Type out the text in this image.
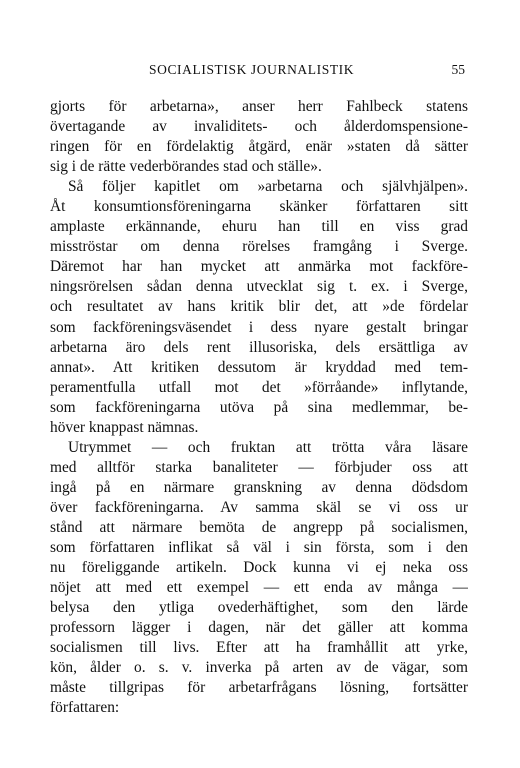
SOCIALISTISK JOURNALISTIK	55
gjorts för arbetarna», anser herr Fahlbeck statens
övertagande av invaliditets- och ålderdomspensione-
ringen för en fördelaktig åtgärd, enär »staten då sätter
sig i de rätte vederbörandes stad och ställe».
Så följer kapitlet om »arbetarna och självhjälpen».
Åt konsumtionsföreningarna skänker författaren sitt
amplaste erkännande, ehuru han till en viss grad
misströstar om denna rörelses framgång i Sverge.
Däremot har han mycket att anmärka mot fackföre-
ningsrörelsen sådan denna utvecklat sig t. ex. i Sverge,
och resultatet av hans kritik blir det, att »de fördelar
som fackföreningsväsendet i dess nyare gestalt bringar
arbetarna äro dels rent illusoriska, dels ersättliga av
annat». Att kritiken dessutom är kryddad med tem-
peramentfulla utfall mot det »förråande» inflytande,
som fackföreningarna utöva på sina medlemmar, be-
höver knappast nämnas.
Utrymmet — och fruktan att trötta våra läsare
med alltför starka banaliteter — förbjuder oss att
ingå på en närmare granskning av denna dödsdom
över fackföreningarna. Av samma skäl se vi oss ur
stånd att närmare bemöta de angrepp på socialismen,
som författaren inflikat så väl i sin första, som i den
nu föreliggande artikeln. Dock kunna vi ej neka oss
nöjet att med ett exempel — ett enda av många —
belysa den ytliga ovederhäftighet, som den lärde
professorn lägger i dagen, när det gäller att komma
socialismen till livs. Efter att ha framhållit att yrke,
kön, ålder o. s. v. inverka på arten av de vägar, som
måste tillgripas för arbetarfrågans lösning, fortsätter
författaren:
